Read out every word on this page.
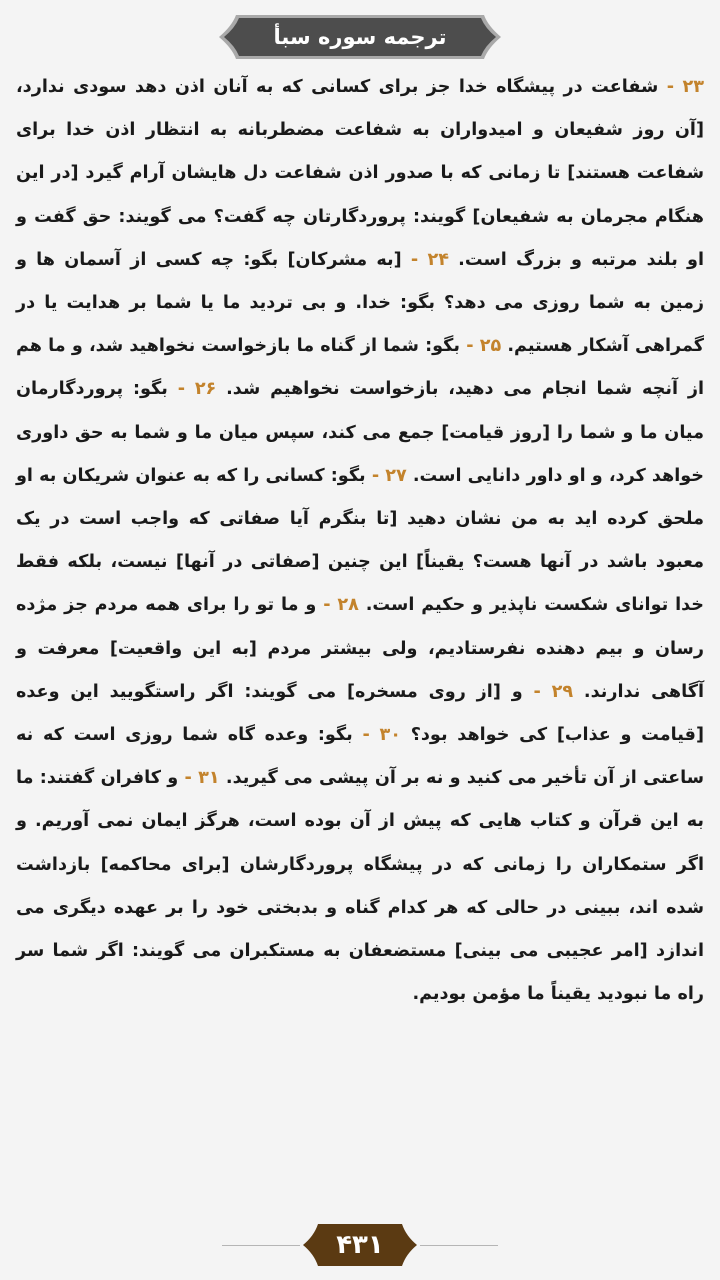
ترجمه سوره سبأ
۲۳ - شفاعت در پیشگاه خدا جز برای کسانی که به آنان اذن دهد سودی ندارد، [آن روز شفیعان و امیدواران به شفاعت مضطربانه به انتظار اذن خدا برای شفاعت هستند] تا زمانی که با صدور اذن شفاعت دل هایشان آرام گیرد [در این هنگام مجرمان به شفیعان] گویند: پروردگارتان چه گفت؟ می گویند: حق گفت و او بلند مرتبه و بزرگ است. ۲۴ - [به مشرکان] بگو: چه کسی از آسمان ها و زمین به شما روزی می دهد؟ بگو: خدا. و بی تردید ما یا شما بر هدایت یا در گمراهی آشکار هستیم. ۲۵ - بگو: شما از گناه ما بازخواست نخواهید شد، و ما هم از آنچه شما انجام می دهید، بازخواست نخواهیم شد. ۲۶ - بگو: پروردگارمان میان ما و شما را [روز قیامت] جمع می کند، سپس میان ما و شما به حق داوری خواهد کرد، و او داور دانایی است. ۲۷ - بگو: کسانی را که به عنوان شریکان به او ملحق کرده اید به من نشان دهید [تا بنگرم آیا صفاتی که واجب است در یک معبود باشد در آنها هست؟ یقیناً] این چنین [صفاتی در آنها] نیست، بلکه فقط خدا توانای شکست ناپذیر و حکیم است. ۲۸ - و ما تو را برای همه مردم جز مژده رسان و بیم دهنده نفرستادیم، ولی بیشتر مردم [به این واقعیت] معرفت و آگاهی ندارند. ۲۹ - و [از روی مسخره] می گویند: اگر راستگویید این وعده [قیامت و عذاب] کی خواهد بود؟ ۳۰ - بگو: وعده گاه شما روزی است که نه ساعتی از آن تأخیر می کنید و نه بر آن پیشی می گیرید. ۳۱ - و کافران گفتند: ما به این قرآن و کتاب هایی که پیش از آن بوده است، هرگز ایمان نمی آوریم. و اگر ستمکاران را زمانی که در پیشگاه پروردگارشان [برای محاکمه] بازداشت شده اند، ببینی در حالی که هر کدام گناه و بدبختی خود را بر عهده دیگری می اندازد [امر عجیبی می بینی] مستضعفان به مستکبران می گویند: اگر شما سر راه ما نبودید یقیناً ما مؤمن بودیم.
۴۳۱
